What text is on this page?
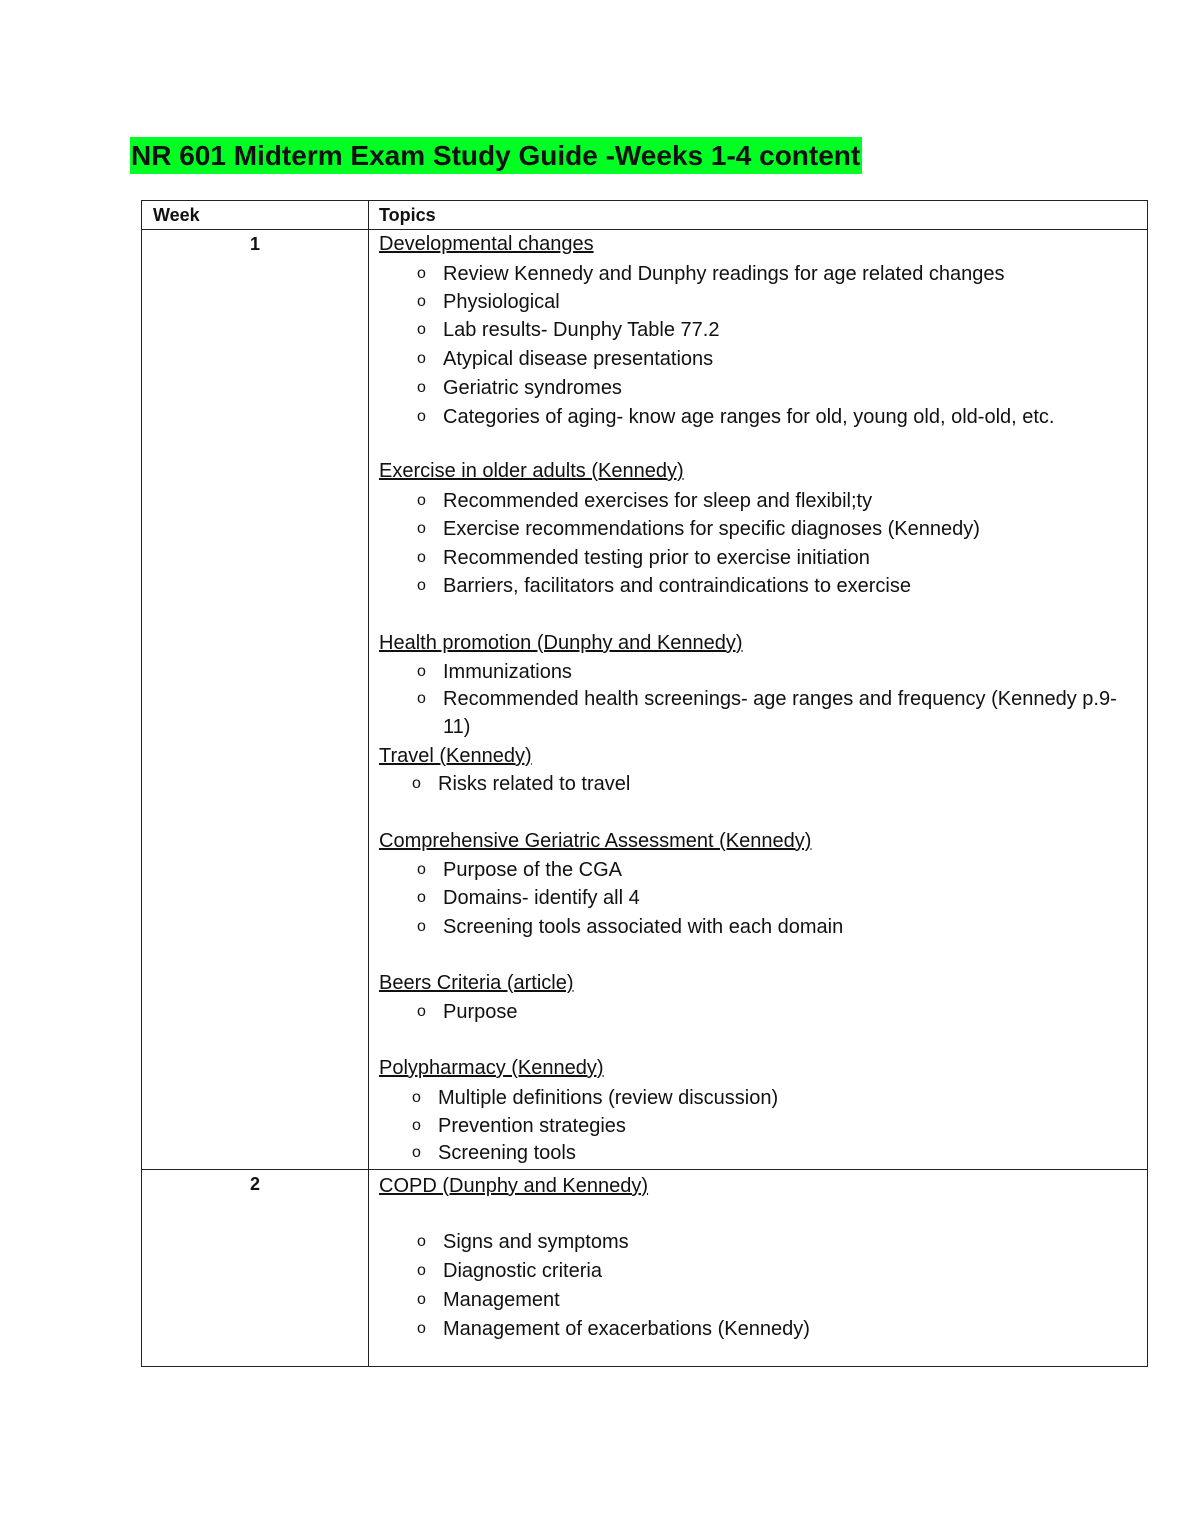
NR 601 Midterm Exam Study Guide -Weeks 1-4 content
Week	Topics
1	Developmental changes
o Review Kennedy and Dunphy readings for age related changes
o Physiological
o Lab results- Dunphy Table 77.2
o Atypical disease presentations
o Geriatric syndromes
o Categories of aging- know age ranges for old, young old, old-old, etc.
Exercise in older adults (Kennedy)
o Recommended exercises for sleep and flexibil;ty
o Exercise recommendations for specific diagnoses (Kennedy)
o Recommended testing prior to exercise initiation
o Barriers, facilitators and contraindications to exercise
Health promotion (Dunphy and Kennedy)
o Immunizations
o Recommended health screenings- age ranges and frequency (Kennedy p.9-11)
Travel (Kennedy)
o Risks related to travel
Comprehensive Geriatric Assessment (Kennedy)
o Purpose of the CGA
o Domains- identify all 4
o Screening tools associated with each domain
Beers Criteria (article)
o Purpose
Polypharmacy (Kennedy)
o Multiple definitions (review discussion)
o Prevention strategies
o Screening tools
2	COPD (Dunphy and Kennedy)
o Signs and symptoms
o Diagnostic criteria
o Management
o Management of exacerbations (Kennedy)
